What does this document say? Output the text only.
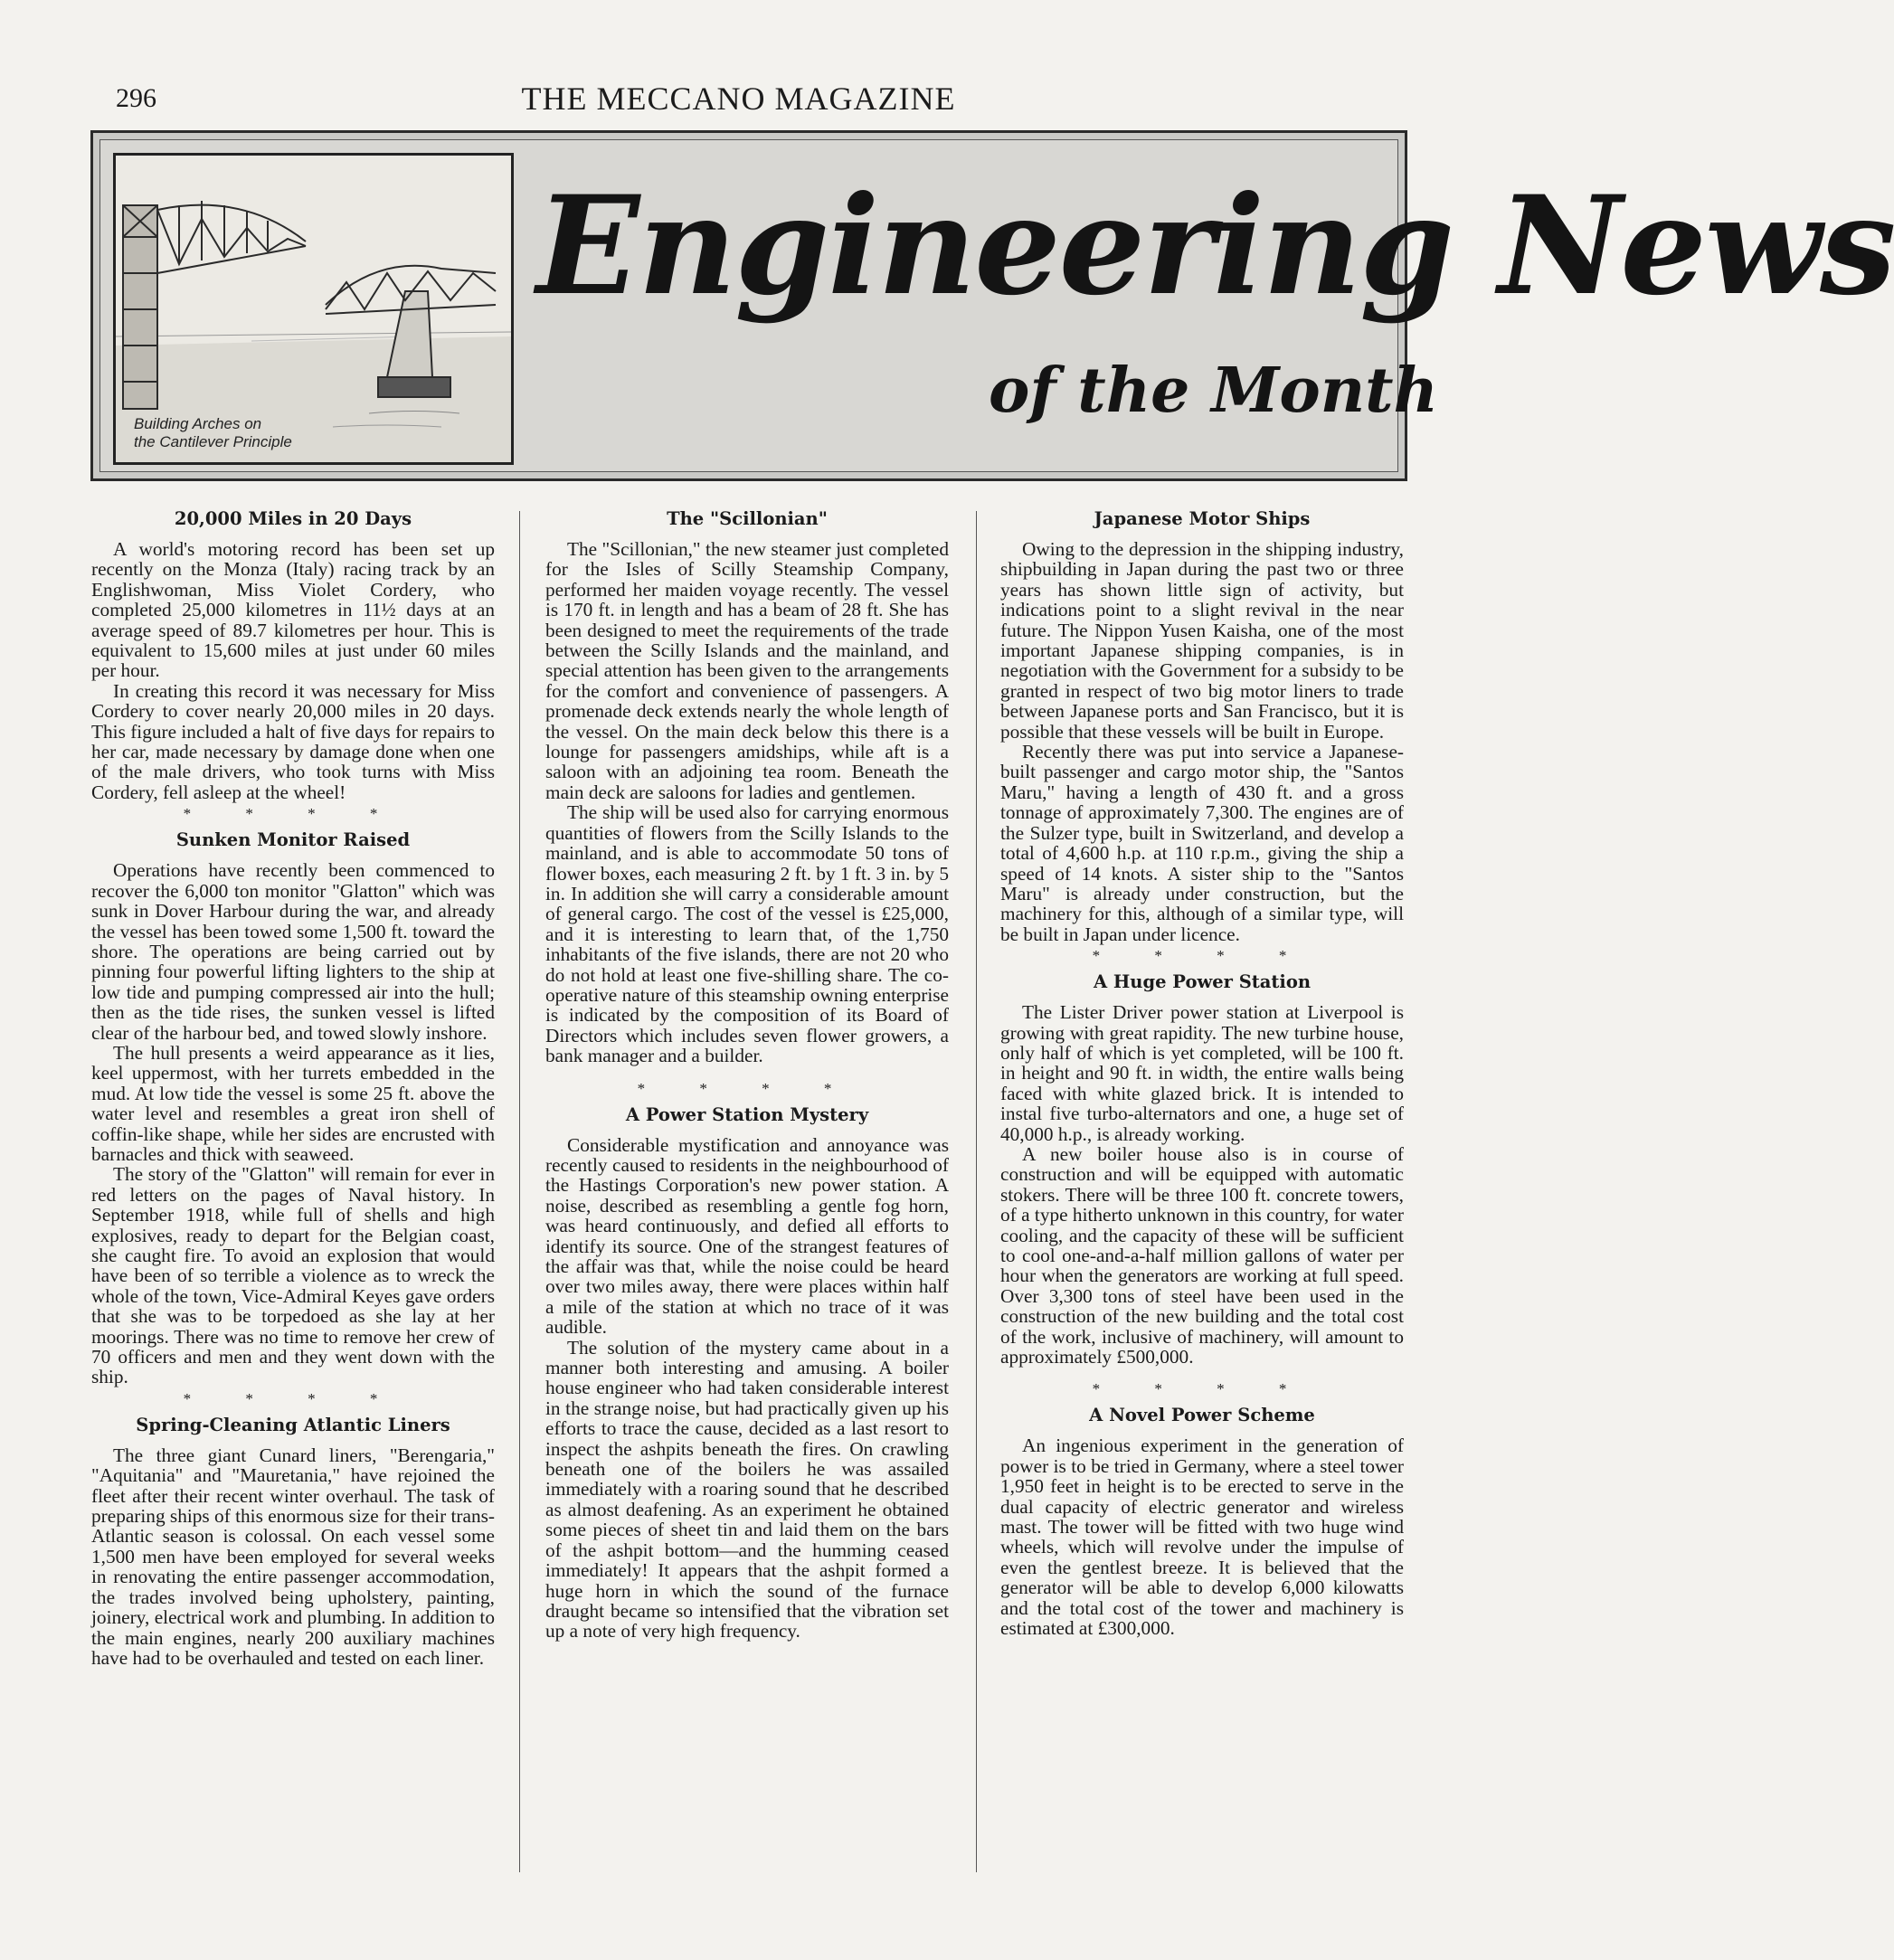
296	THE MECCANO MAGAZINE
Building Arches on
the Cantilever Principle
Engineering News
of the Month
20,000 Miles in 20 Days

A world's motoring record has been set up recently on the Monza (Italy) racing track by an Englishwoman, Miss Violet Cordery, who completed 25,000 kilometres in 11½ days at an average speed of 89.7 kilometres per hour. This is equivalent to 15,600 miles at just under 60 miles per hour.

In creating this record it was necessary for Miss Cordery to cover nearly 20,000 miles in 20 days. This figure included a halt of five days for repairs to her car, made necessary by damage done when one of the male drivers, who took turns with Miss Cordery, fell asleep at the wheel!

* * * *
Sunken Monitor Raised

Operations have recently been commenced to recover the 6,000 ton monitor "Glatton" which was sunk in Dover Harbour during the war, and already the vessel has been towed some 1,500 ft. toward the shore. The operations are being carried out by pinning four powerful lifting lighters to the ship at low tide and pumping compressed air into the hull; then as the tide rises, the sunken vessel is lifted clear of the harbour bed, and towed slowly inshore.

The hull presents a weird appearance as it lies, keel uppermost, with her turrets embedded in the mud. At low tide the vessel is some 25 ft. above the water level and resembles a great iron shell of coffin-like shape, while her sides are encrusted with barnacles and thick with seaweed.

The story of the "Glatton" will remain for ever in red letters on the pages of Naval history. In September 1918, while full of shells and high explosives, ready to depart for the Belgian coast, she caught fire. To avoid an explosion that would have been of so terrible a violence as to wreck the whole of the town, Vice-Admiral Keyes gave orders that she was to be torpedoed as she lay at her moorings. There was no time to remove her crew of 70 officers and men and they went down with the ship.

* * * *
Spring-Cleaning Atlantic Liners

The three giant Cunard liners, "Berengaria," "Aquitania" and "Mauretania," have rejoined the fleet after their recent winter overhaul. The task of preparing ships of this enormous size for their trans-Atlantic season is colossal. On each vessel some 1,500 men have been employed for several weeks in renovating the entire passenger accommodation, the trades involved being upholstery, painting, joinery, electrical work and plumbing. In addition to the main engines, nearly 200 auxiliary machines have had to be overhauled and tested on each liner.

The "Scillonian"

The "Scillonian," the new steamer just completed for the Isles of Scilly Steamship Company, performed her maiden voyage recently. The vessel is 170 ft. in length and has a beam of 28 ft. She has been designed to meet the requirements of the trade between the Scilly Islands and the mainland, and special attention has been given to the arrangements for the comfort and convenience of passengers. A promenade deck extends nearly the whole length of the vessel. On the main deck below this there is a lounge for passengers amidships, while aft is a saloon with an adjoining tea room. Beneath the main deck are saloons for ladies and gentlemen.

The ship will be used also for carrying enormous quantities of flowers from the Scilly Islands to the mainland, and is able to accommodate 50 tons of flower boxes, each measuring 2 ft. by 1 ft. 3 in. by 5 in. In addition she will carry a considerable amount of general cargo. The cost of the vessel is £25,000, and it is interesting to learn that, of the 1,750 inhabitants of the five islands, there are not 20 who do not hold at least one five-shilling share. The co-operative nature of this steamship owning enterprise is indicated by the composition of its Board of Directors which includes seven flower growers, a bank manager and a builder.

* * * *
A Power Station Mystery

Considerable mystification and annoyance was recently caused to residents in the neighbourhood of the Hastings Corporation's new power station. A noise, described as resembling a gentle fog horn, was heard continuously, and defied all efforts to identify its source. One of the strangest features of the affair was that, while the noise could be heard over two miles away, there were places within half a mile of the station at which no trace of it was audible.

The solution of the mystery came about in a manner both interesting and amusing. A boiler house engineer who had taken considerable interest in the strange noise, but had practically given up his efforts to trace the cause, decided as a last resort to inspect the ashpits beneath the fires. On crawling beneath one of the boilers he was assailed immediately with a roaring sound that he described as almost deafening. As an experiment he obtained some pieces of sheet tin and laid them on the bars of the ashpit bottom—and the humming ceased immediately! It appears that the ashpit formed a huge horn in which the sound of the furnace draught became so intensified that the vibration set up a note of very high frequency.

Japanese Motor Ships

Owing to the depression in the shipping industry, shipbuilding in Japan during the past two or three years has shown little sign of activity, but indications point to a slight revival in the near future. The Nippon Yusen Kaisha, one of the most important Japanese shipping companies, is in negotiation with the Government for a subsidy to be granted in respect of two big motor liners to trade between Japanese ports and San Francisco, but it is possible that these vessels will be built in Europe.

Recently there was put into service a Japanese-built passenger and cargo motor ship, the "Santos Maru," having a length of 430 ft. and a gross tonnage of approximately 7,300. The engines are of the Sulzer type, built in Switzerland, and develop a total of 4,600 h.p. at 110 r.p.m., giving the ship a speed of 14 knots. A sister ship to the "Santos Maru" is already under construction, but the machinery for this, although of a similar type, will be built in Japan under licence.

* * * *
A Huge Power Station

The Lister Driver power station at Liverpool is growing with great rapidity. The new turbine house, only half of which is yet completed, will be 100 ft. in height and 90 ft. in width, the entire walls being faced with white glazed brick. It is intended to instal five turbo-alternators and one, a huge set of 40,000 h.p., is already working.

A new boiler house also is in course of construction and will be equipped with automatic stokers. There will be three 100 ft. concrete towers, of a type hitherto unknown in this country, for water cooling, and the capacity of these will be sufficient to cool one-and-a-half million gallons of water per hour when the generators are working at full speed. Over 3,300 tons of steel have been used in the construction of the new building and the total cost of the work, inclusive of machinery, will amount to approximately £500,000.

* * * *
A Novel Power Scheme

An ingenious experiment in the generation of power is to be tried in Germany, where a steel tower 1,950 feet in height is to be erected to serve in the dual capacity of electric generator and wireless mast. The tower will be fitted with two huge wind wheels, which will revolve under the impulse of even the gentlest breeze. It is believed that the generator will be able to develop 6,000 kilowatts and the total cost of the tower and machinery is estimated at £300,000.
